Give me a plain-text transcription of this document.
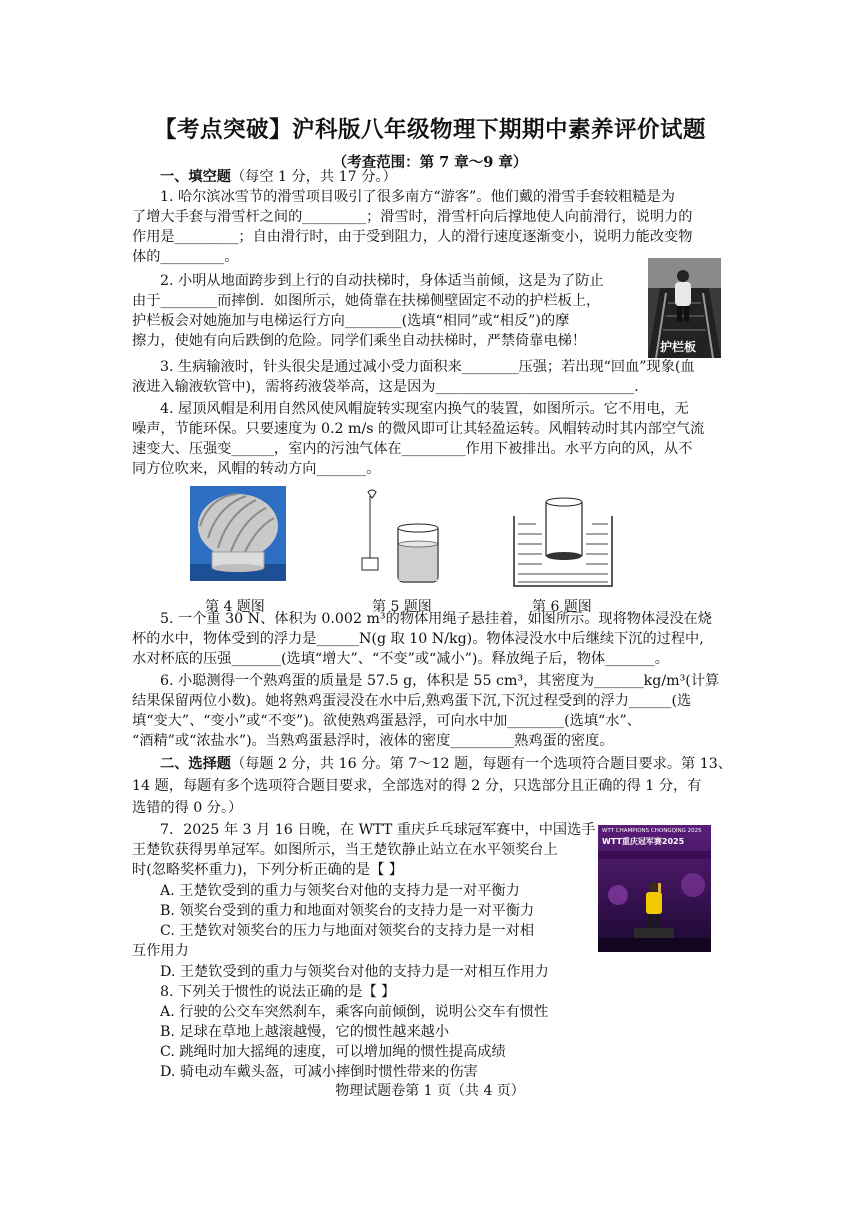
【考点突破】沪科版八年级物理下期期中素养评价试题
（考查范围：第 7 章～9 章）
一、填空题（每空 1 分，共 17 分。）
1. 哈尔滨冰雪节的滑雪项目吸引了很多南方“游客”。他们戴的滑雪手套较粗糙是为
了增大手套与滑雪杆之间的_________；滑雪时，滑雪杆向后撑地使人向前滑行，说明力的
作用是_________；自由滑行时，由于受到阻力，人的滑行速度逐渐变小，说明力能改变物
体的_________。
2. 小明从地面跨步到上行的自动扶梯时，身体适当前倾，这是为了防止
由于________而摔倒．如图所示，她倚靠在扶梯侧壁固定不动的护栏板上，
护栏板会对她施加与电梯运行方向________(选填“相同”或“相反”)的摩
擦力，使她有向后跌倒的危险。同学们乘坐自动扶梯时，严禁倚靠电梯！
3. 生病输液时，针头很尖是通过减小受力面积来________压强；若出现“回血”现象(血
液进入输液软管中)，需将药液袋举高，这是因为____________________________.
4. 屋顶风帽是利用自然风使风帽旋转实现室内换气的装置，如图所示。它不用电，无
噪声，节能环保。只要速度为 0.2 m/s 的微风即可让其轻盈运转。风帽转动时其内部空气流
速变大、压强变______，室内的污浊气体在_________作用下被排出。水平方向的风，从不
同方位吹来，风帽的转动方向_______。
5. 一个重 30 N、体积为 0.002 m³的物体用绳子悬挂着，如图所示。现将物体浸没在烧
杯的水中，物体受到的浮力是______N(g 取 10 N/kg)。物体浸没水中后继续下沉的过程中,
水对杯底的压强_______(选填“增大”、“不变”或“减小”)。释放绳子后，物体_______。
6. 小聪测得一个熟鸡蛋的质量是 57.5 g，体积是 55 cm³，其密度为_______kg/m³(计算
结果保留两位小数)。她将熟鸡蛋浸没在水中后,熟鸡蛋下沉,下沉过程受到的浮力______(选
填“变大”、“变小”或“不变”)。欲使熟鸡蛋悬浮，可向水中加________(选填“水”、
“酒精”或“浓盐水”)。当熟鸡蛋悬浮时，液体的密度_________熟鸡蛋的密度。
二、选择题（每题 2 分，共 16 分。第 7～12 题，每题有一个选项符合题目要求。第 13、
14 题，每题有多个选项符合题目要求，全部选对的得 2 分，只选部分且正确的得 1 分，有
选错的得 0 分。）
7．2025 年 3 月 16 日晚，在 WTT 重庆乒乓球冠军赛中，中国选手
王楚钦获得男单冠军。如图所示，当王楚钦静止站立在水平领奖台上
时(忽略奖杯重力)，下列分析正确的是【 】
A. 王楚钦受到的重力与领奖台对他的支持力是一对平衡力
B. 领奖台受到的重力和地面对领奖台的支持力是一对平衡力
C. 王楚钦对领奖台的压力与地面对领奖台的支持力是一对相
互作用力
D. 王楚钦受到的重力与领奖台对他的支持力是一对相互作用力
8. 下列关于惯性的说法正确的是【 】
A. 行驶的公交车突然刹车，乘客向前倾倒，说明公交车有惯性
B. 足球在草地上越滚越慢，它的惯性越来越小
C. 跳绳时加大摇绳的速度，可以增加绳的惯性提高成绩
D. 骑电动车戴头盔，可减小摔倒时惯性带来的伤害
护栏板
第 4 题图	第 5 题图	第 6 题图
WTT CHAMPIONS CHONGQING 2025
WTT重庆冠军赛2025
物理试题卷第 1 页（共 4 页）
